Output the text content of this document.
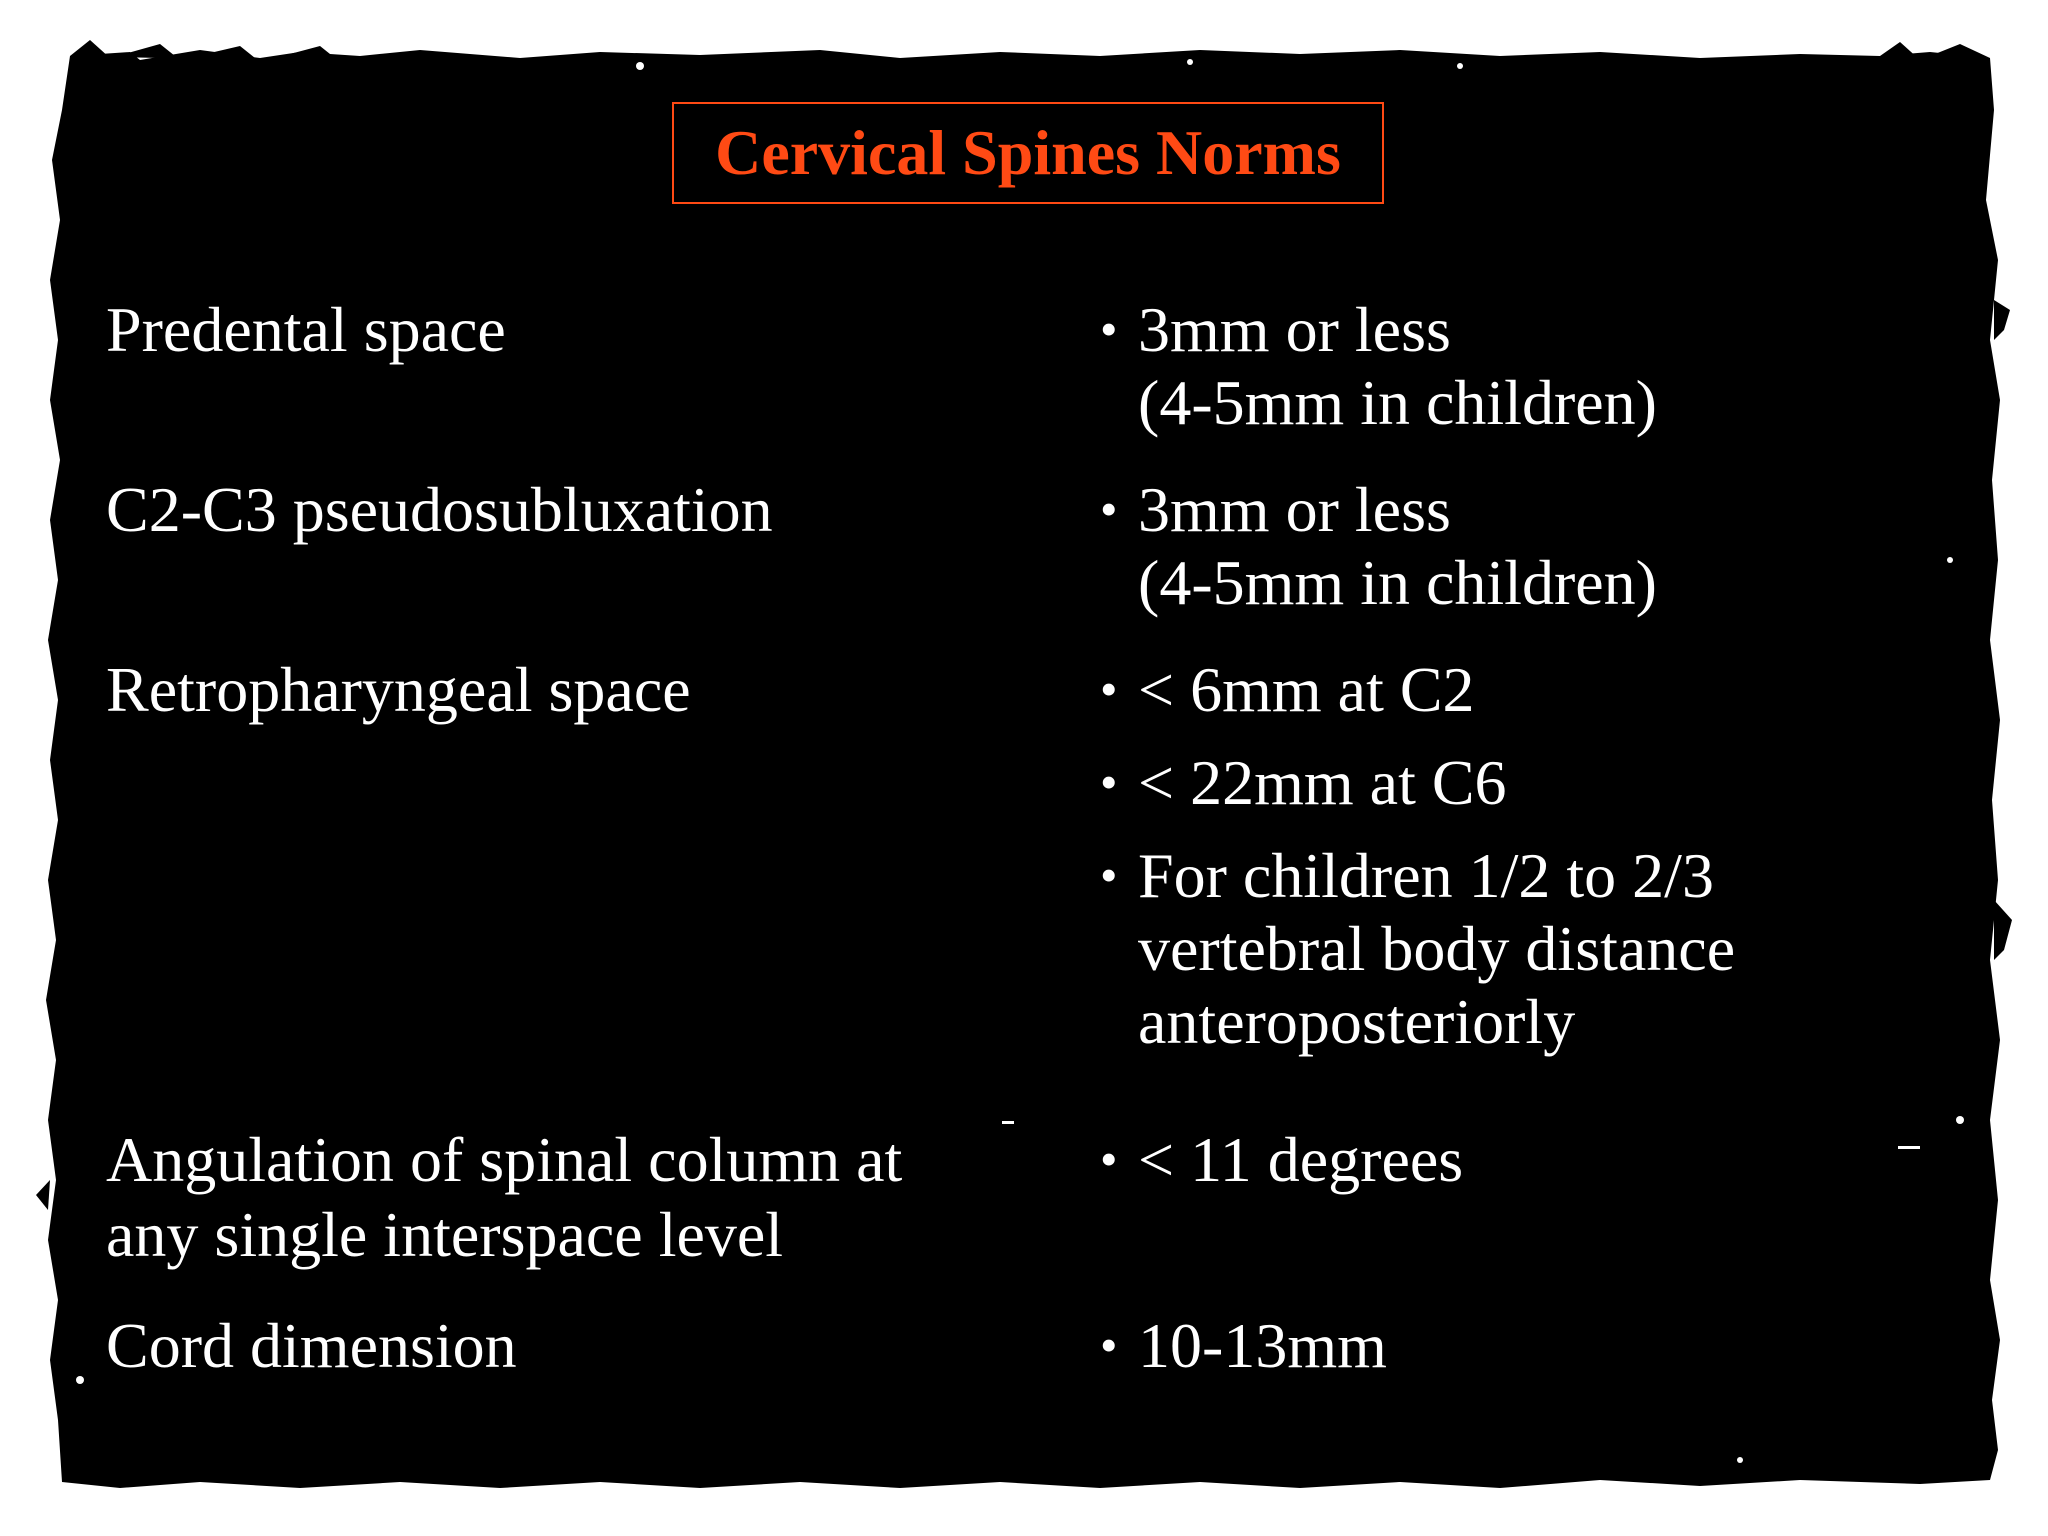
Cervical Spines Norms
Predental space	• 3mm or less
(4-5mm in children)
C2-C3 pseudosubluxation	• 3mm or less
(4-5mm in children)
Retropharyngeal space	• < 6mm at C2
• < 22mm at C6
• For children 1/2 to 2/3
vertebral body distance
anteroposteriorly
Angulation of spinal column at
any single interspace level
• < 11 degrees
Cord dimension	• 10-13mm
